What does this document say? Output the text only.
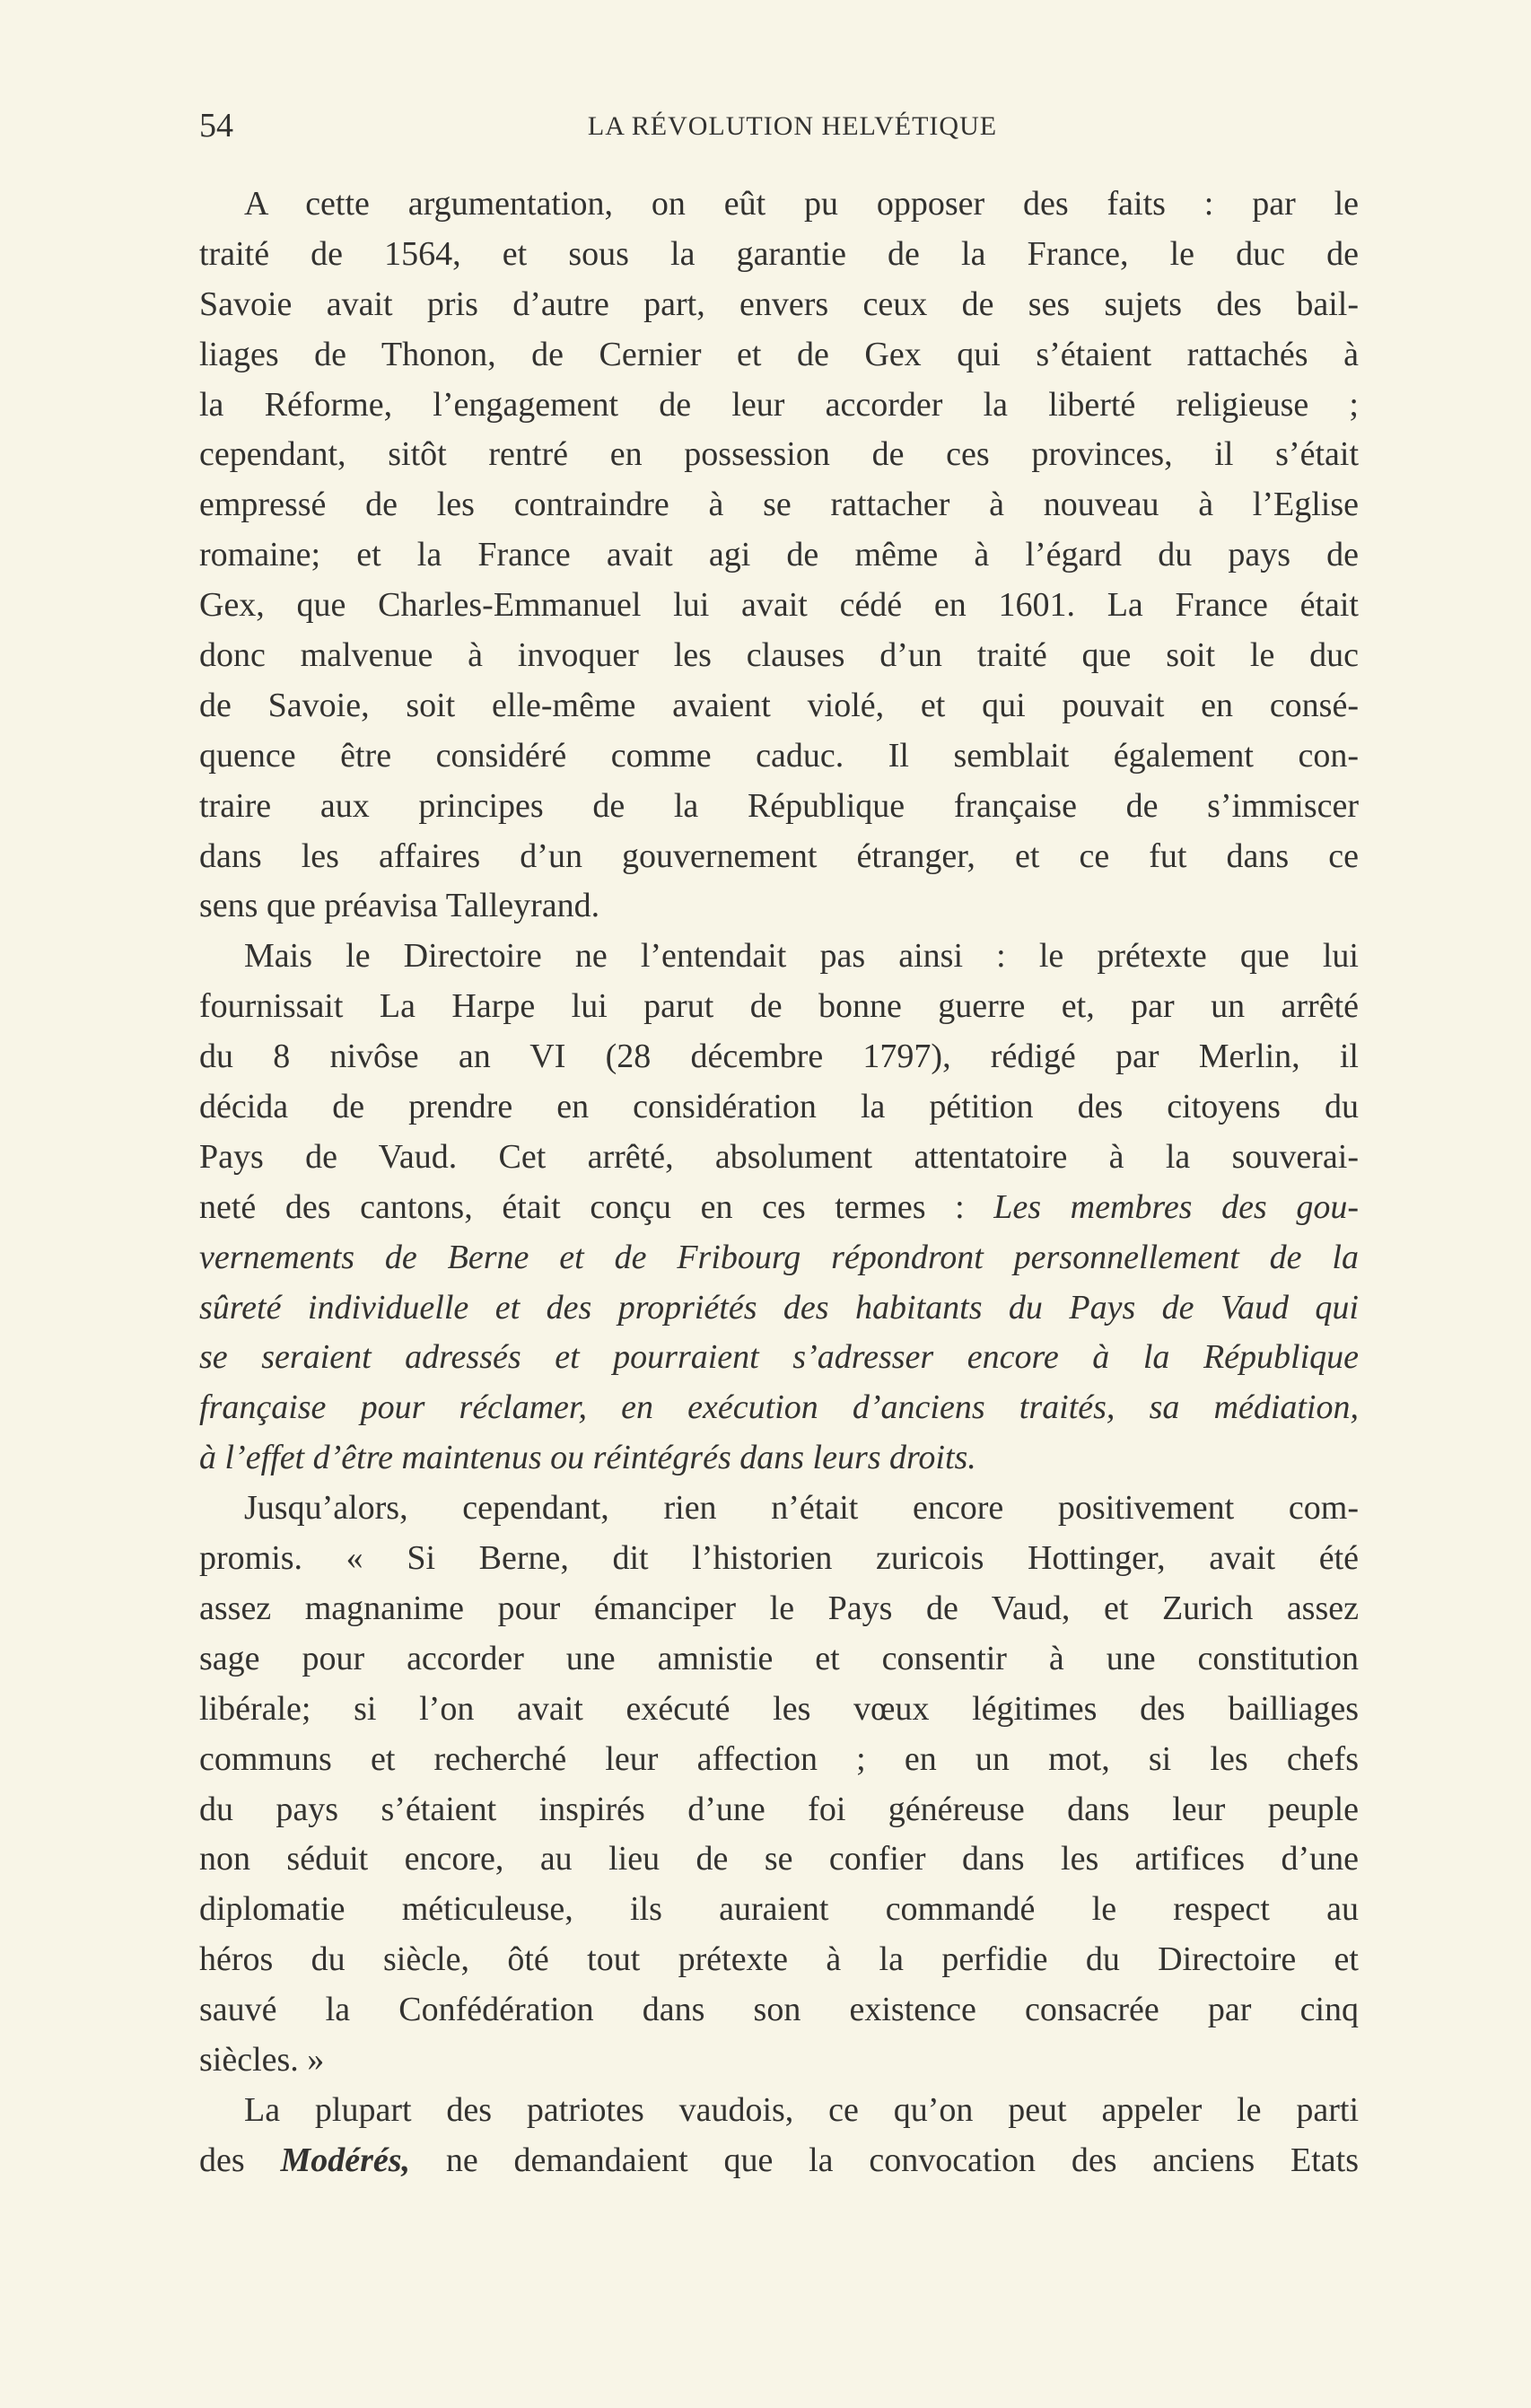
54	LA RÉVOLUTION HELVÉTIQUE
A cette argumentation, on eût pu opposer des faits : par le
traité de 1564, et sous la garantie de la France, le duc de
Savoie avait pris d’autre part, envers ceux de ses sujets des bail-
liages de Thonon, de Cernier et de Gex qui s’étaient rattachés à
la Réforme, l’engagement de leur accorder la liberté religieuse ;
cependant, sitôt rentré en possession de ces provinces, il s’était
empressé de les contraindre à se rattacher à nouveau à l’Eglise
romaine; et la France avait agi de même à l’égard du pays de
Gex, que Charles-Emmanuel lui avait cédé en 1601. La France était
donc malvenue à invoquer les clauses d’un traité que soit le duc
de Savoie, soit elle-même avaient violé, et qui pouvait en consé-
quence être considéré comme caduc. Il semblait également con-
traire aux principes de la République française de s’immiscer
dans les affaires d’un gouvernement étranger, et ce fut dans ce
sens que préavisa Talleyrand.
Mais le Directoire ne l’entendait pas ainsi : le prétexte que lui
fournissait La Harpe lui parut de bonne guerre et, par un arrêté
du 8 nivôse an VI (28 décembre 1797), rédigé par Merlin, il
décida de prendre en considération la pétition des citoyens du
Pays de Vaud. Cet arrêté, absolument attentatoire à la souverai-
neté des cantons, était conçu en ces termes : Les membres des gou-
vernements de Berne et de Fribourg répondront personnellement de la
sûreté individuelle et des propriétés des habitants du Pays de Vaud qui
se seraient adressés et pourraient s’adresser encore à la République
française pour réclamer, en exécution d’anciens traités, sa médiation,
à l’effet d’être maintenus ou réintégrés dans leurs droits.
Jusqu’alors, cependant, rien n’était encore positivement com-
promis. « Si Berne, dit l’historien zuricois Hottinger, avait été
assez magnanime pour émanciper le Pays de Vaud, et Zurich assez
sage pour accorder une amnistie et consentir à une constitution
libérale; si l’on avait exécuté les vœux légitimes des bailliages
communs et recherché leur affection ; en un mot, si les chefs
du pays s’étaient inspirés d’une foi généreuse dans leur peuple
non séduit encore, au lieu de se confier dans les artifices d’une
diplomatie méticuleuse, ils auraient commandé le respect au
héros du siècle, ôté tout prétexte à la perfidie du Directoire et
sauvé la Confédération dans son existence consacrée par cinq
siècles. »
La plupart des patriotes vaudois, ce qu’on peut appeler le parti
des Modérés, ne demandaient que la convocation des anciens Etats
